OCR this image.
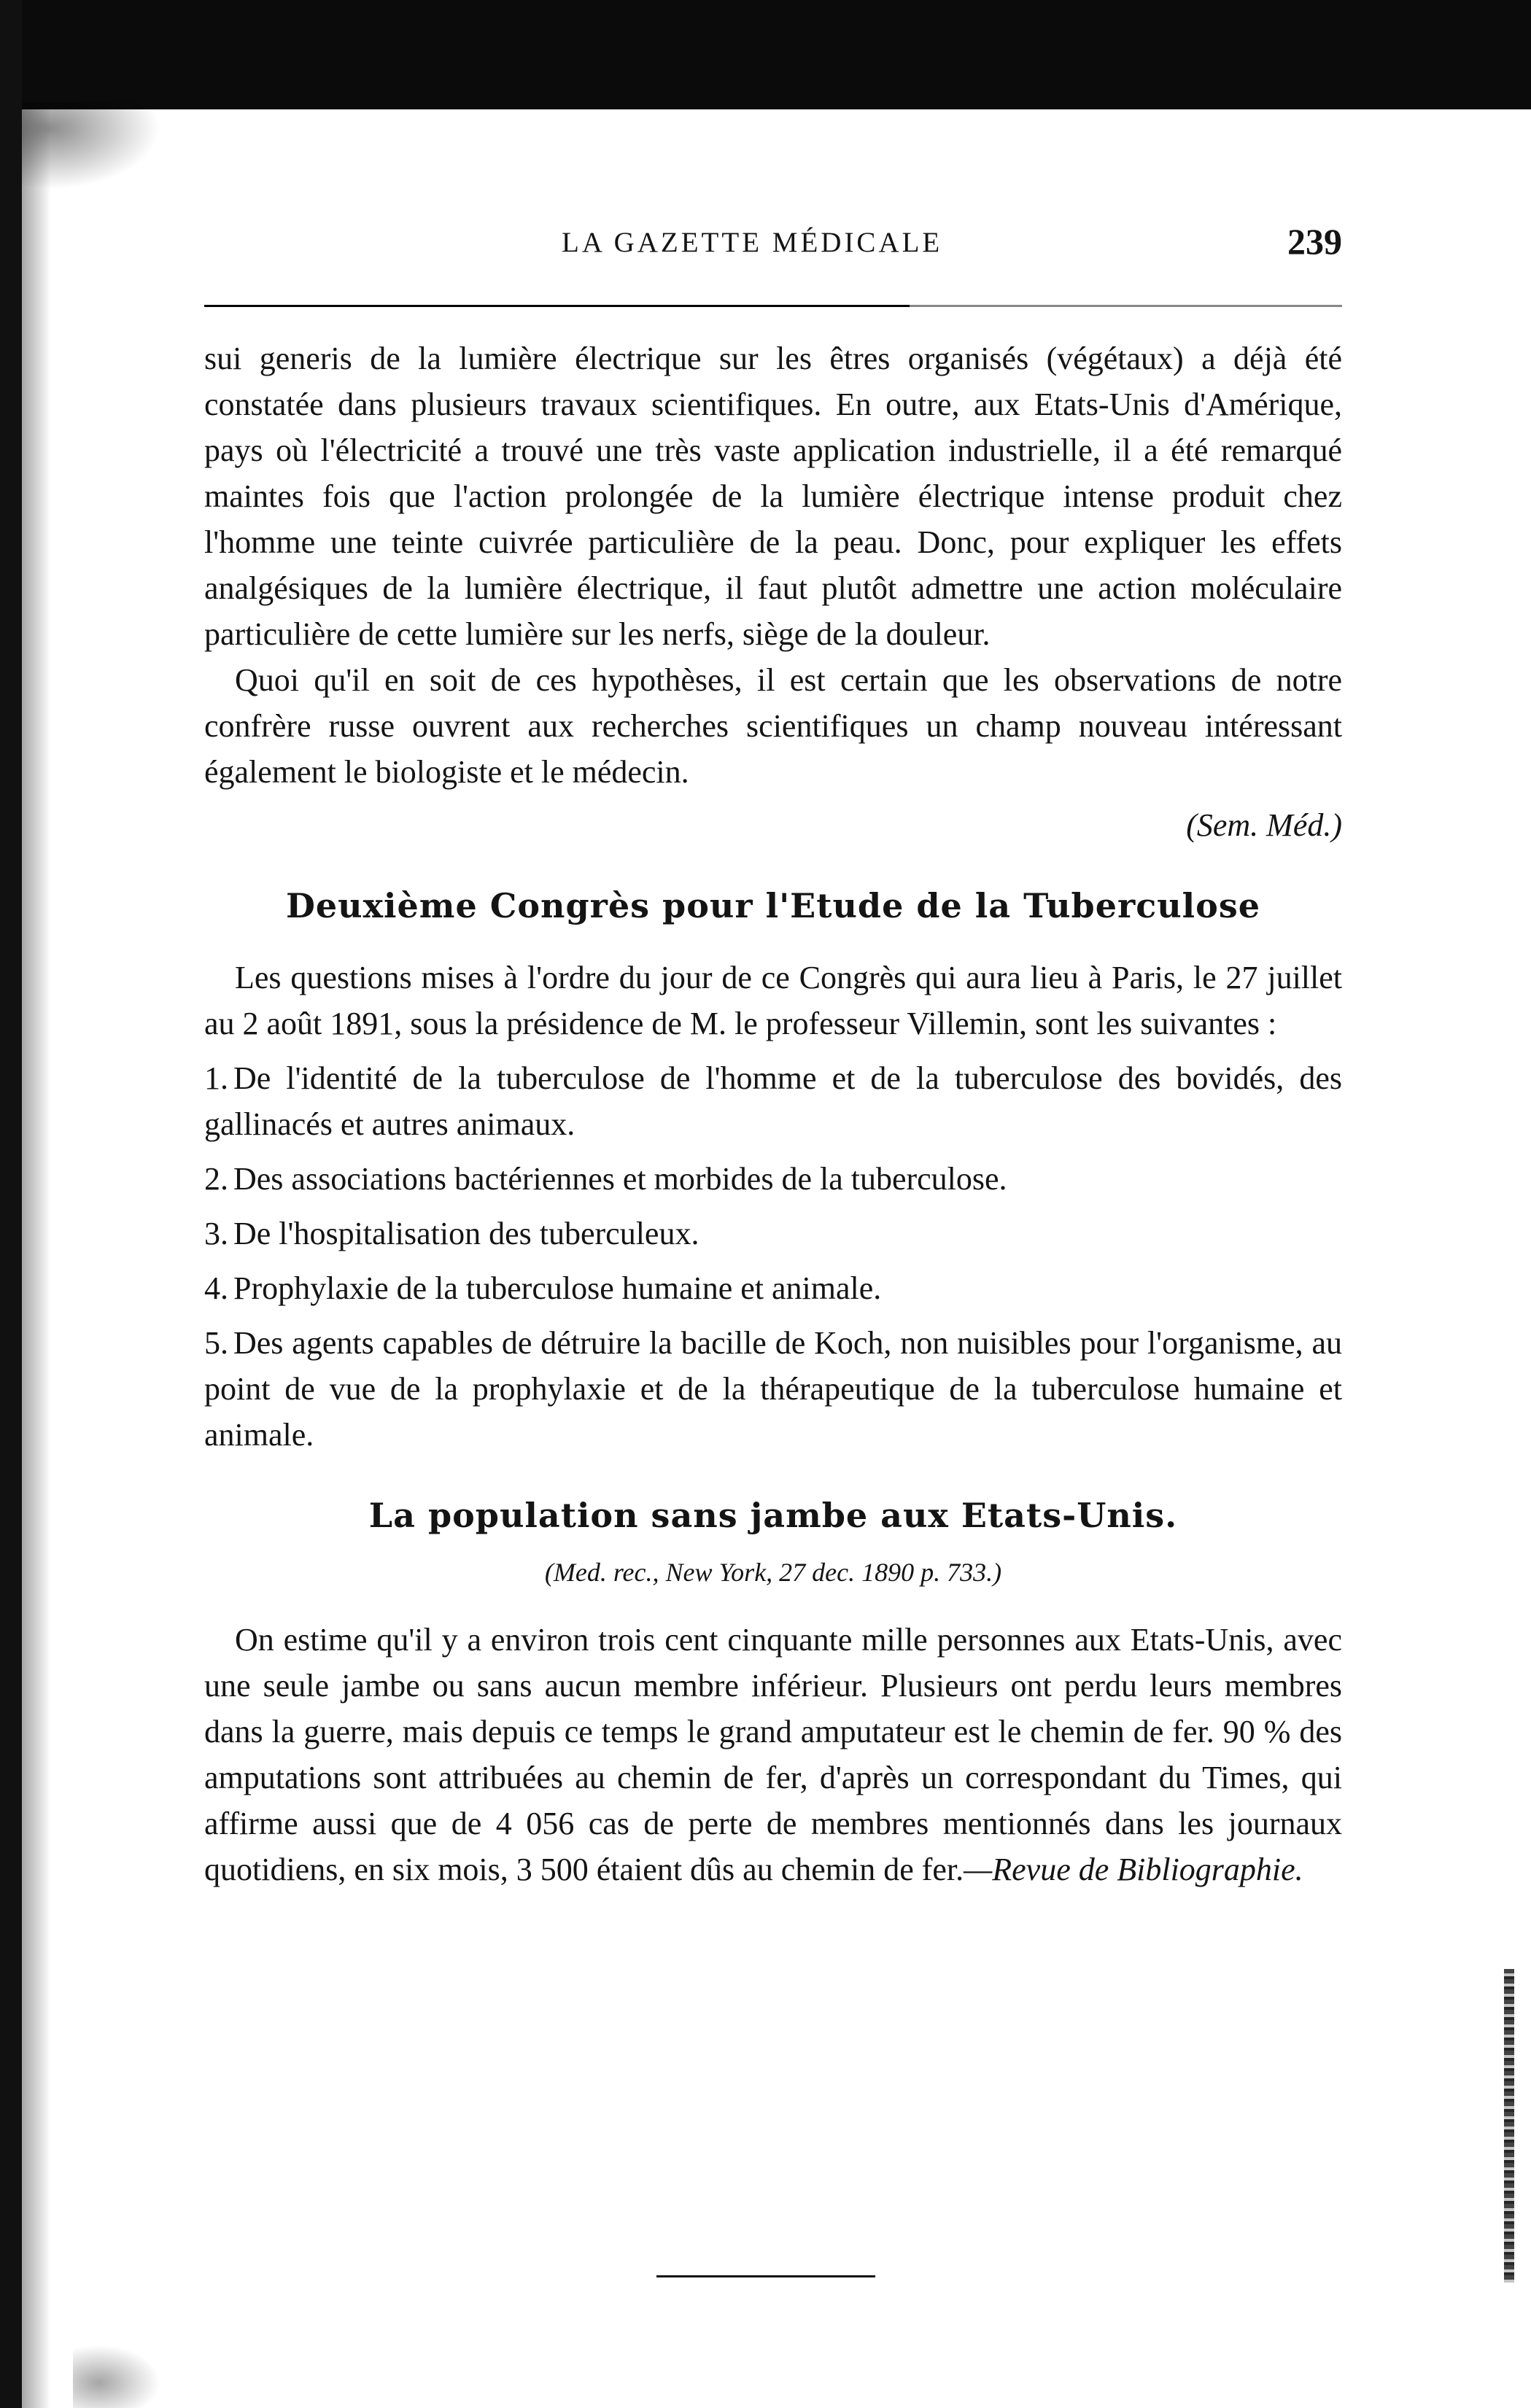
LA GAZETTE MÉDICALE	239

sui generis de la lumière électrique sur les êtres organisés (végétaux) a déjà été constatée dans plusieurs travaux scientifiques. En outre, aux Etats-Unis d'Amérique, pays où l'électricité a trouvé une très vaste application industrielle, il a été remarqué maintes fois que l'action prolongée de la lumière électrique intense produit chez l'homme une teinte cuivrée particulière de la peau. Donc, pour expliquer les effets analgésiques de la lumière électrique, il faut plutôt admettre une action moléculaire particulière de cette lumière sur les nerfs, siège de la douleur.

Quoi qu'il en soit de ces hypothèses, il est certain que les observations de notre confrère russe ouvrent aux recherches scientifiques un champ nouveau intéressant également le biologiste et le médecin.

(Sem. Méd.)

Deuxième Congrès pour l'Etude de la Tuberculose

Les questions mises à l'ordre du jour de ce Congrès qui aura lieu à Paris, le 27 juillet au 2 août 1891, sous la présidence de M. le professeur Villemin, sont les suivantes :

1. De l'identité de la tuberculose de l'homme et de la tuberculose des bovidés, des gallinacés et autres animaux.
2. Des associations bactériennes et morbides de la tuberculose.
3. De l'hospitalisation des tuberculeux.
4. Prophylaxie de la tuberculose humaine et animale.
5. Des agents capables de détruire la bacille de Koch, non nuisibles pour l'organisme, au point de vue de la prophylaxie et de la thérapeutique de la tuberculose humaine et animale.
La population sans jambe aux Etats-Unis.
(Med. rec., New York, 27 dec. 1890 p. 733.)

On estime qu'il y a environ trois cent cinquante mille personnes aux Etats-Unis, avec une seule jambe ou sans aucun membre inférieur. Plusieurs ont perdu leurs membres dans la guerre, mais depuis ce temps le grand amputateur est le chemin de fer. 90 % des amputations sont attribuées au chemin de fer, d'après un correspondant du Times, qui affirme aussi que de 4 056 cas de perte de membres mentionnés dans les journaux quotidiens, en six mois, 3 500 étaient dûs au chemin de fer.—Revue de Bibliographie.
